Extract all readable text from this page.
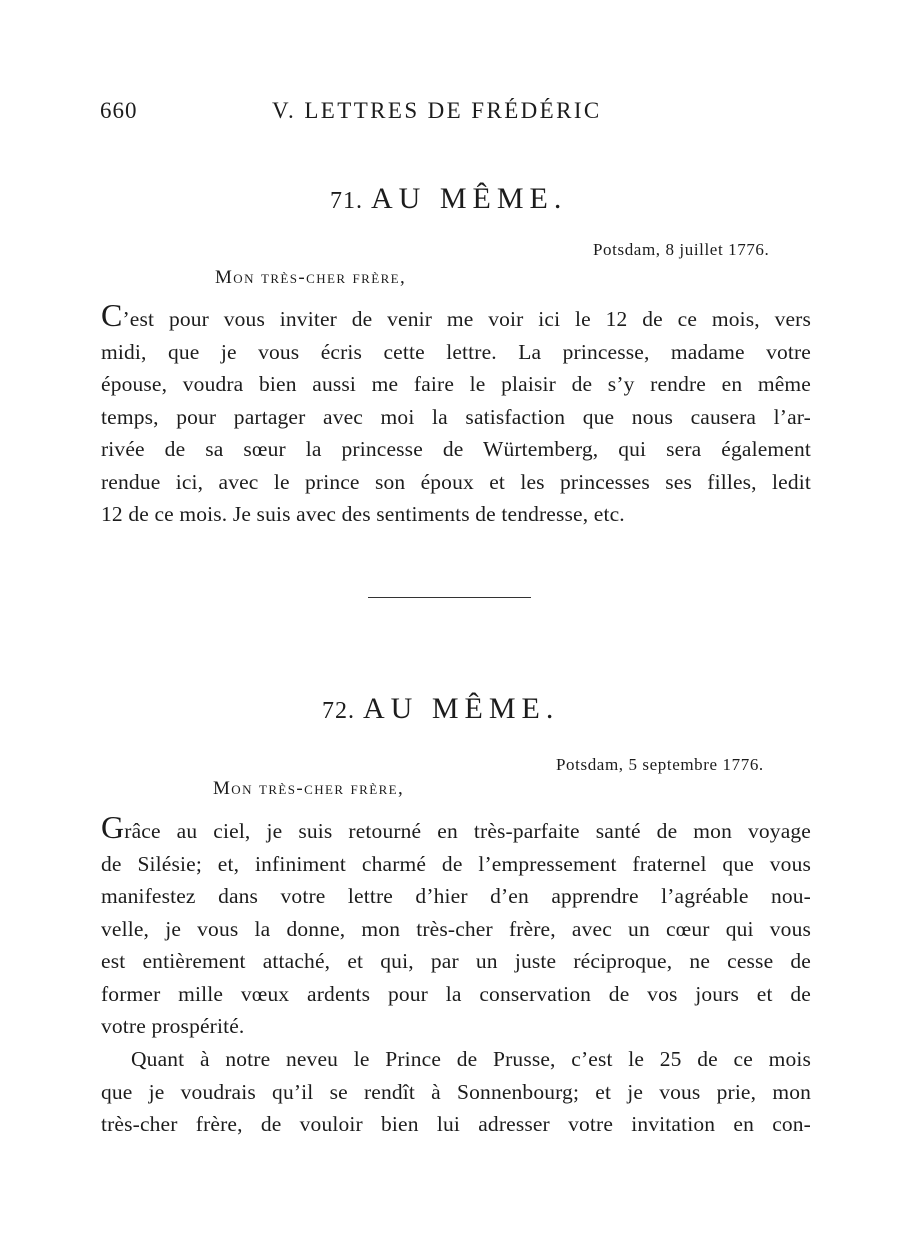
660	V. LETTRES DE FRÉDÉRIC
71. AU MÊME.
Potsdam, 8 juillet 1776.
Mon très-cher frère,
C’est pour vous inviter de venir me voir ici le 12 de ce mois, vers
midi, que je vous écris cette lettre. La princesse, madame votre
épouse, voudra bien aussi me faire le plaisir de s’y rendre en même
temps, pour partager avec moi la satisfaction que nous causera l’ar-
rivée de sa sœur la princesse de Würtemberg, qui sera également
rendue ici, avec le prince son époux et les princesses ses filles, ledit
12 de ce mois. Je suis avec des sentiments de tendresse, etc.
72. AU MÊME.
Potsdam, 5 septembre 1776.
Mon très-cher frère,
Grâce au ciel, je suis retourné en très-parfaite santé de mon voyage
de Silésie; et, infiniment charmé de l’empressement fraternel que vous
manifestez dans votre lettre d’hier d’en apprendre l’agréable nou-
velle, je vous la donne, mon très-cher frère, avec un cœur qui vous
est entièrement attaché, et qui, par un juste réciproque, ne cesse de
former mille vœux ardents pour la conservation de vos jours et de
votre prospérité.
Quant à notre neveu le Prince de Prusse, c’est le 25 de ce mois
que je voudrais qu’il se rendît à Sonnenbourg; et je vous prie, mon
très-cher frère, de vouloir bien lui adresser votre invitation en con-
